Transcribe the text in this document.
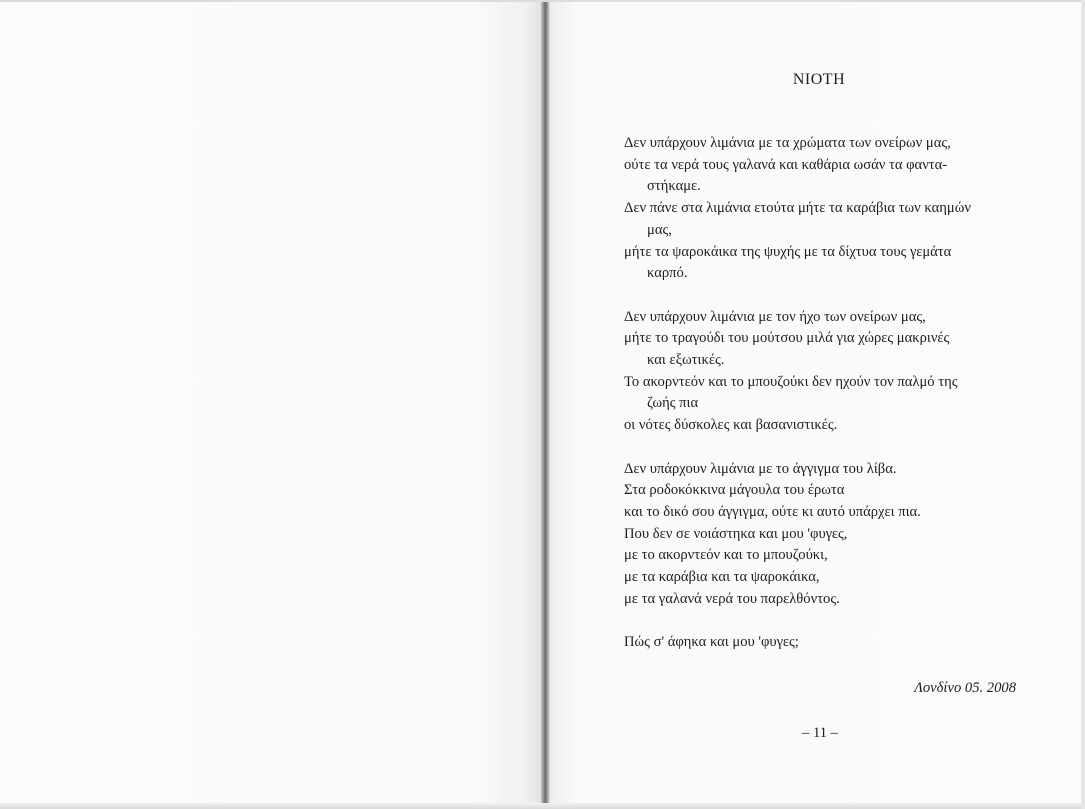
ΝΙΟΤΗ
Δεν υπάρχουν λιμάνια με τα χρώματα των ονείρων μας,
ούτε τα νερά τους γαλανά και καθάρια ωσάν τα φαντα-
στήκαμε.
Δεν πάνε στα λιμάνια ετούτα μήτε τα καράβια των καημών
μας,
μήτε τα ψαροκάικα της ψυχής με τα δίχτυα τους γεμάτα
καρπό.
Δεν υπάρχουν λιμάνια με τον ήχο των ονείρων μας,
μήτε το τραγούδι του μούτσου μιλά για χώρες μακρινές
και εξωτικές.
Το ακορντεόν και το μπουζούκι δεν ηχούν τον παλμό της
ζωής πια
οι νότες δύσκολες και βασανιστικές.
Δεν υπάρχουν λιμάνια με το άγγιγμα του λίβα.
Στα ροδοκόκκινα μάγουλα του έρωτα
και το δικό σου άγγιγμα, ούτε κι αυτό υπάρχει πια.
Που δεν σε νοιάστηκα και μου 'φυγες,
με το ακορντεόν και το μπουζούκι,
με τα καράβια και τα ψαροκάικα,
με τα γαλανά νερά του παρελθόντος.
Πώς σ' άφηκα και μου 'φυγες;
Λονδίνο 05. 2008
– 11 –
